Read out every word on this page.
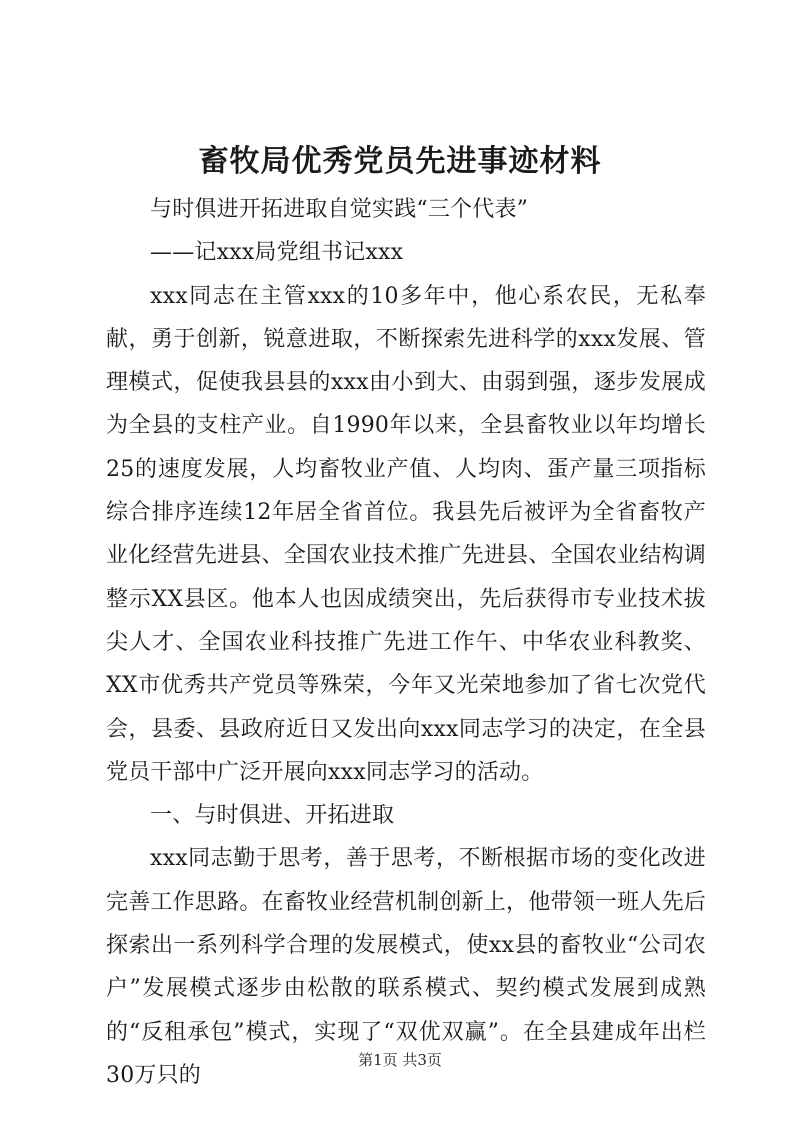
畜牧局优秀党员先进事迹材料

与时俱进开拓进取自觉实践“三个代表”

——记xxx局党组书记xxx

xxx同志在主管xxx的10多年中，他心系农民，无私奉献，勇于创新，锐意进取，不断探索先进科学的xxx发展、管理模式，促使我县县的xxx由小到大、由弱到强，逐步发展成为全县的支柱产业。自1990年以来，全县畜牧业以年均增长25的速度发展，人均畜牧业产值、人均肉、蛋产量三项指标综合排序连续12年居全省首位。我县先后被评为全省畜牧产业化经营先进县、全国农业技术推广先进县、全国农业结构调整示XX县区。他本人也因成绩突出，先后获得市专业技术拔尖人才、全国农业科技推广先进工作午、中华农业科教奖、XX市优秀共产党员等殊荣，今年又光荣地参加了省七次党代会，县委、县政府近日又发出向xxx同志学习的决定，在全县党员干部中广泛开展向xxx同志学习的活动。

一、与时俱进、开拓进取

xxx同志勤于思考，善于思考，不断根据市场的变化改进完善工作思路。在畜牧业经营机制创新上，他带领一班人先后探索出一系列科学合理的发展模式，使xx县的畜牧业“公司农户”发展模式逐步由松散的联系模式、契约模式发展到成熟的“反租承包”模式，实现了“双优双赢”。在全县建成年出栏30万只的

第1页 共3页
